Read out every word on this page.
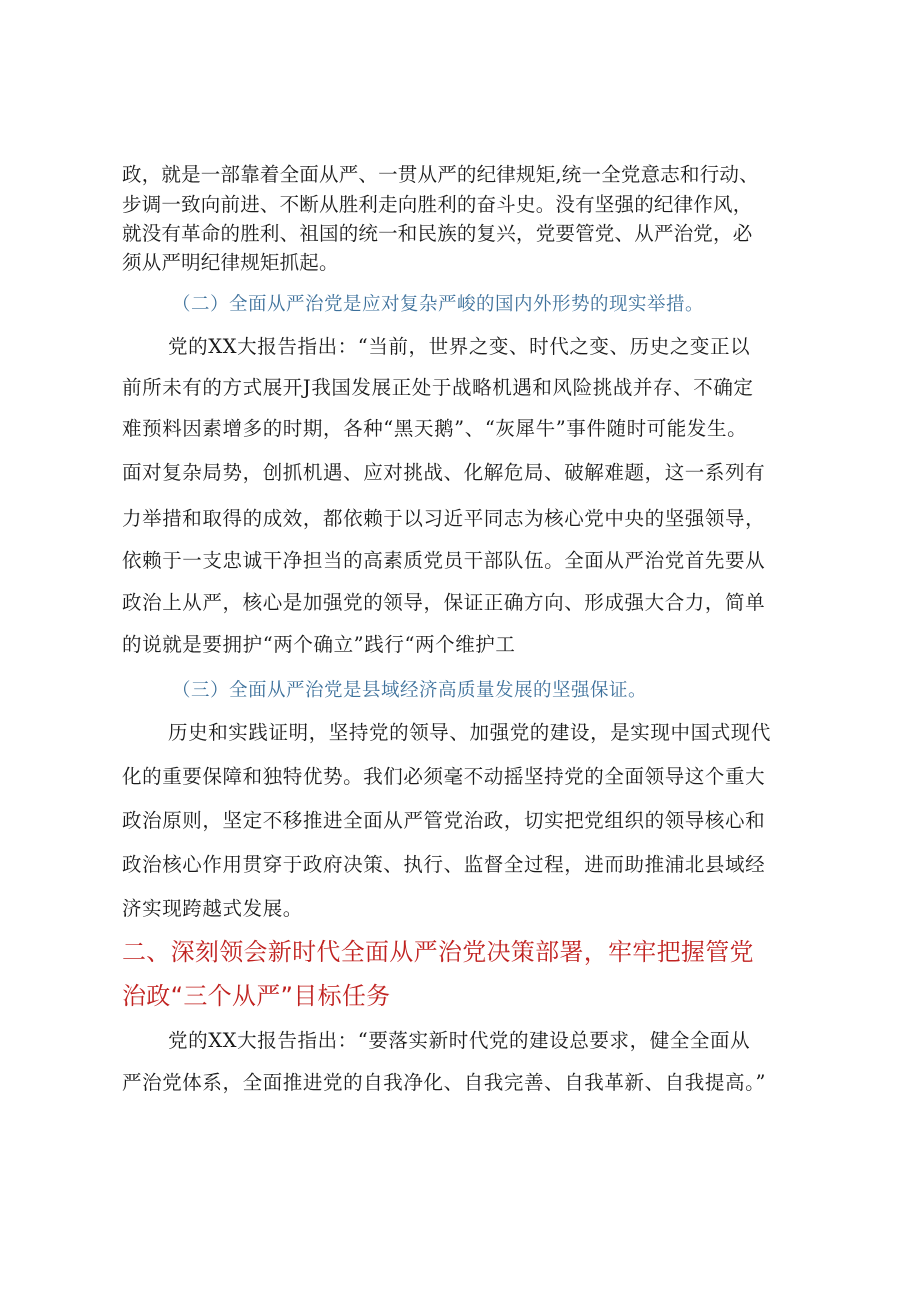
政，就是一部靠着全面从严、一贯从严的纪律规矩,统一全党意志和行动、
步调一致向前进、不断从胜利走向胜利的奋斗史。没有坚强的纪律作风，
就没有革命的胜利、祖国的统一和民族的复兴，党要管党、从严治党，必
须从严明纪律规矩抓起。
（二）全面从严治党是应对复杂严峻的国内外形势的现实举措。
党的XX大报告指出：“当前，世界之变、时代之变、历史之变正以
前所未有的方式展开J我国发展正处于战略机遇和风险挑战并存、不确定
难预料因素增多的时期，各种“黑天鹅”、“灰犀牛”事件随时可能发生。
面对复杂局势，创抓机遇、应对挑战、化解危局、破解难题，这一系列有
力举措和取得的成效，都依赖于以习近平同志为核心党中央的坚强领导，
依赖于一支忠诚干净担当的高素质党员干部队伍。全面从严治党首先要从
政治上从严，核心是加强党的领导，保证正确方向、形成强大合力，简单
的说就是要拥护“两个确立”践行“两个维护工
（三）全面从严治党是县域经济高质量发展的坚强保证。
历史和实践证明，坚持党的领导、加强党的建设，是实现中国式现代
化的重要保障和独特优势。我们必须毫不动摇坚持党的全面领导这个重大
政治原则，坚定不移推进全面从严管党治政，切实把党组织的领导核心和
政治核心作用贯穿于政府决策、执行、监督全过程，进而助推浦北县域经
济实现跨越式发展。
二、深刻领会新时代全面从严治党决策部署，牢牢把握管党
治政“三个从严”目标任务
党的XX大报告指出：“要落实新时代党的建设总要求，健全全面从
严治党体系，全面推进党的自我净化、自我完善、自我革新、自我提高。”
